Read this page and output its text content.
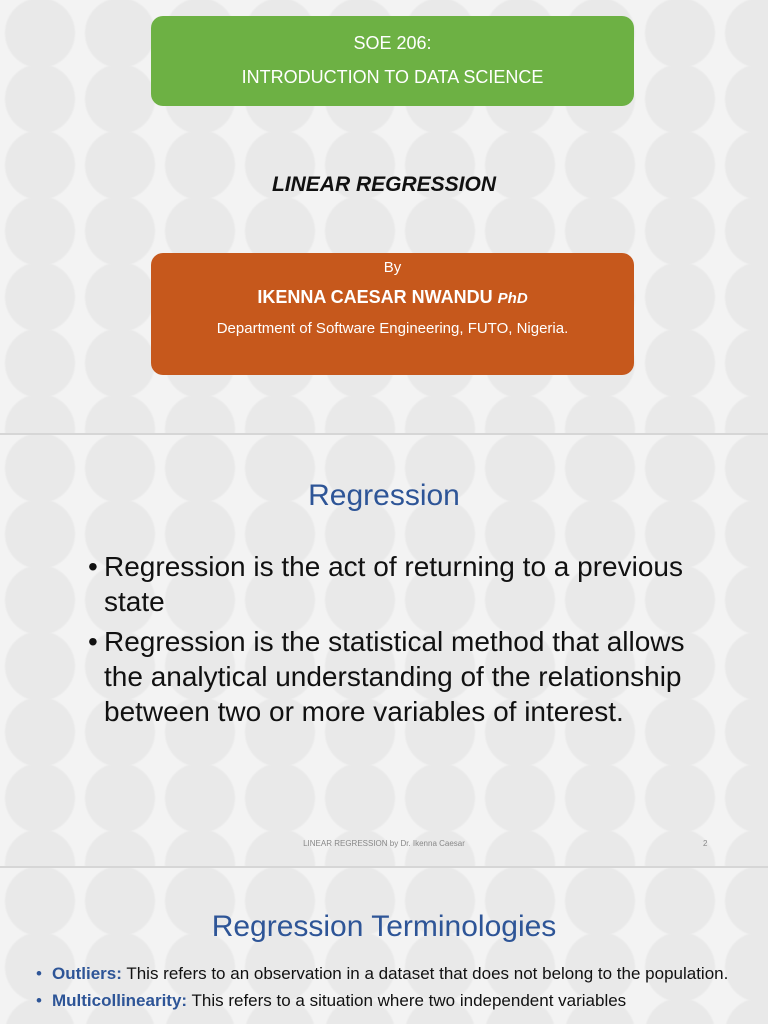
SOE 206:
INTRODUCTION TO DATA SCIENCE
LINEAR REGRESSION
By
IKENNA CAESAR NWANDU PhD
Department of Software Engineering, FUTO, Nigeria.
Regression
• Regression is the act of returning to a previous state
• Regression is the statistical method that allows the analytical understanding of the relationship between two or more variables of interest.
LINEAR REGRESSION by Dr. Ikenna Caesar	2
Regression Terminologies
• Outliers: This refers to an observation in a dataset that does not belong to the population.
• Multicollinearity: This refers to a situation where two independent variables
